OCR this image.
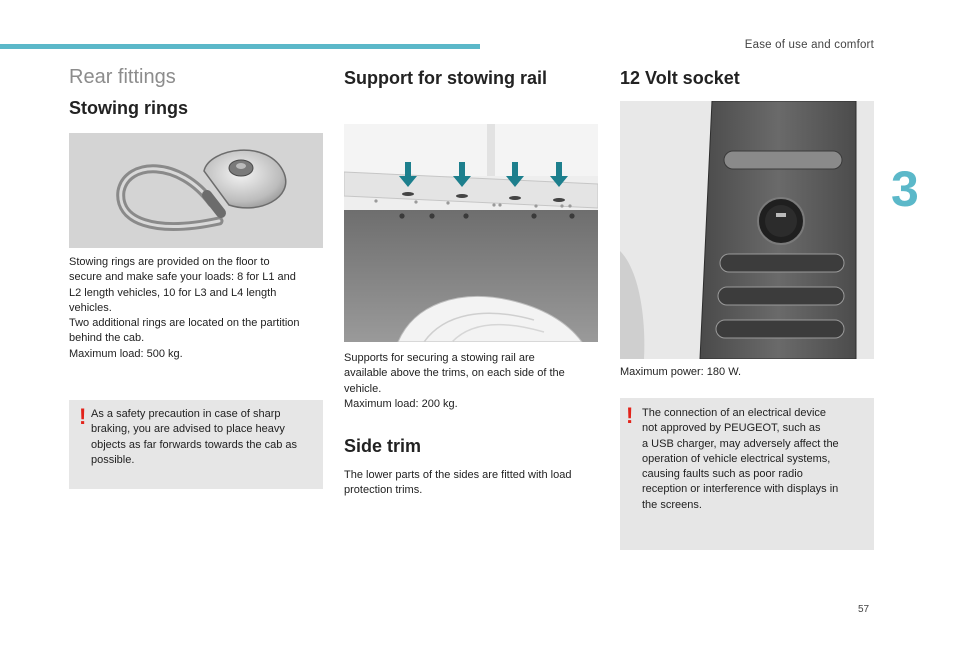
Ease of use and comfort
3
57
Rear fittings
Stowing rings
Stowing rings are provided on the floor to
secure and make safe your loads: 8 for L1 and
L2 length vehicles, 10 for L3 and L4 length
vehicles.
Two additional rings are located on the partition
behind the cab.
Maximum load: 500 kg.
! As a safety precaution in case of sharp
braking, you are advised to place heavy
objects as far forwards towards the cab as
possible.
Support for stowing rail
Supports for securing a stowing rail are
available above the trims, on each side of the
vehicle.
Maximum load: 200 kg.
Side trim
The lower parts of the sides are fitted with load
protection trims.
12 Volt socket
Maximum power: 180 W.
! The connection of an electrical device
not approved by PEUGEOT, such as
a USB charger, may adversely affect the
operation of vehicle electrical systems,
causing faults such as poor radio
reception or interference with displays in
the screens.
